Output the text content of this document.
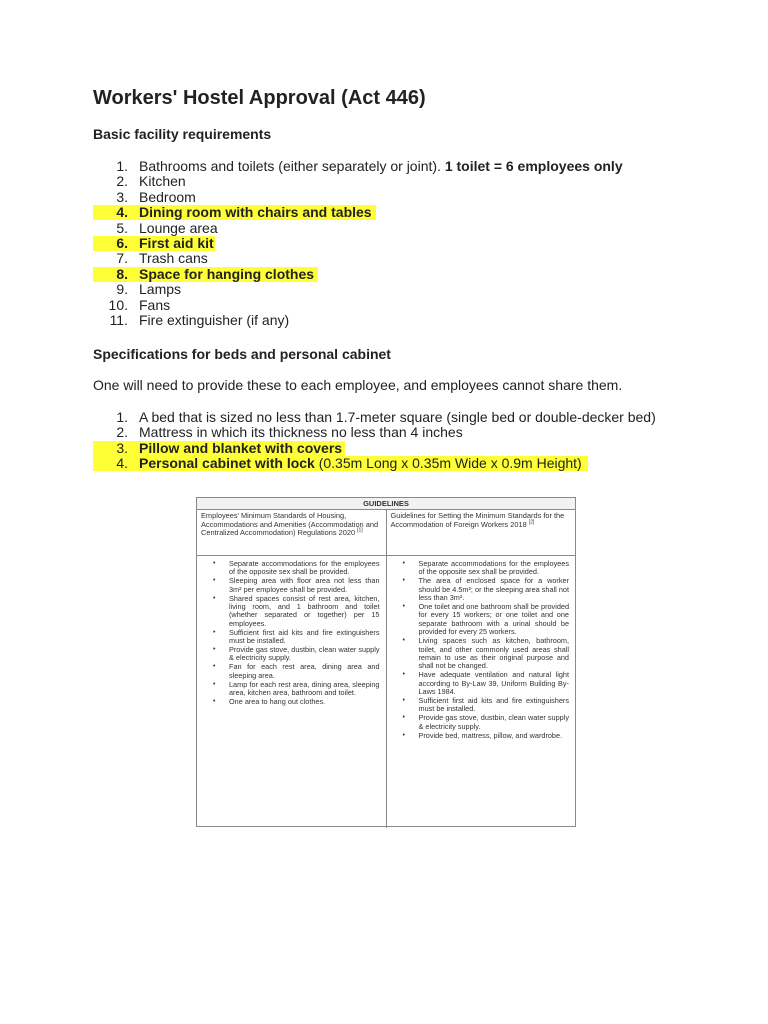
Workers' Hostel Approval (Act 446)
Basic facility requirements
1. Bathrooms and toilets (either separately or joint). 1 toilet = 6 employees only
2. Kitchen
3. Bedroom
4. Dining room with chairs and tables
5. Lounge area
6. First aid kit
7. Trash cans
8. Space for hanging clothes
9. Lamps
10. Fans
11. Fire extinguisher (if any)
Specifications for beds and personal cabinet

One will need to provide these to each employee, and employees cannot share them.

1. A bed that is sized no less than 1.7-meter square (single bed or double-decker bed)
2. Mattress in which its thickness no less than 4 inches
3. Pillow and blanket with covers
4. Personal cabinet with lock (0.35m Long x 0.35m Wide x 0.9m Height)
GUIDELINES
Employees' Minimum Standards of Housing, Accommodations and Amenities (Accommodation and Centralized Accommodation) Regulations 2020 [1]
Guidelines for Setting the Minimum Standards for the Accommodation of Foreign Workers 2018 [2]
• Separate accommodations for the employees of the opposite sex shall be provided.
• Sleeping area with floor area not less than 3m² per employee shall be provided.
• Shared spaces consist of rest area, kitchen, living room, and 1 bathroom and toilet (whether separated or together) per 15 employees.
• Sufficient first aid kits and fire extinguishers must be installed.
• Provide gas stove, dustbin, clean water supply & electricity supply.
• Fan for each rest area, dining area and sleeping area.
• Lamp for each rest area, dining area, sleeping area, kitchen area, bathroom and toilet.
• One area to hang out clothes.
• Separate accommodations for the employees of the opposite sex shall be provided.
• The area of enclosed space for a worker should be 4.5m²; or the sleeping area shall not less than 3m².
• One toilet and one bathroom shall be provided for every 15 workers; or one toilet and one separate bathroom with a urinal should be provided for every 25 workers.
• Living spaces such as kitchen, bathroom, toilet, and other commonly used areas shall remain to use as their original purpose and shall not be changed.
• Have adequate ventilation and natural light according to By-Law 39, Uniform Building By-Laws 1984.
• Sufficient first aid kits and fire extinguishers must be installed.
• Provide gas stove, dustbin, clean water supply & electricity supply.
• Provide bed, mattress, pillow, and wardrobe.
